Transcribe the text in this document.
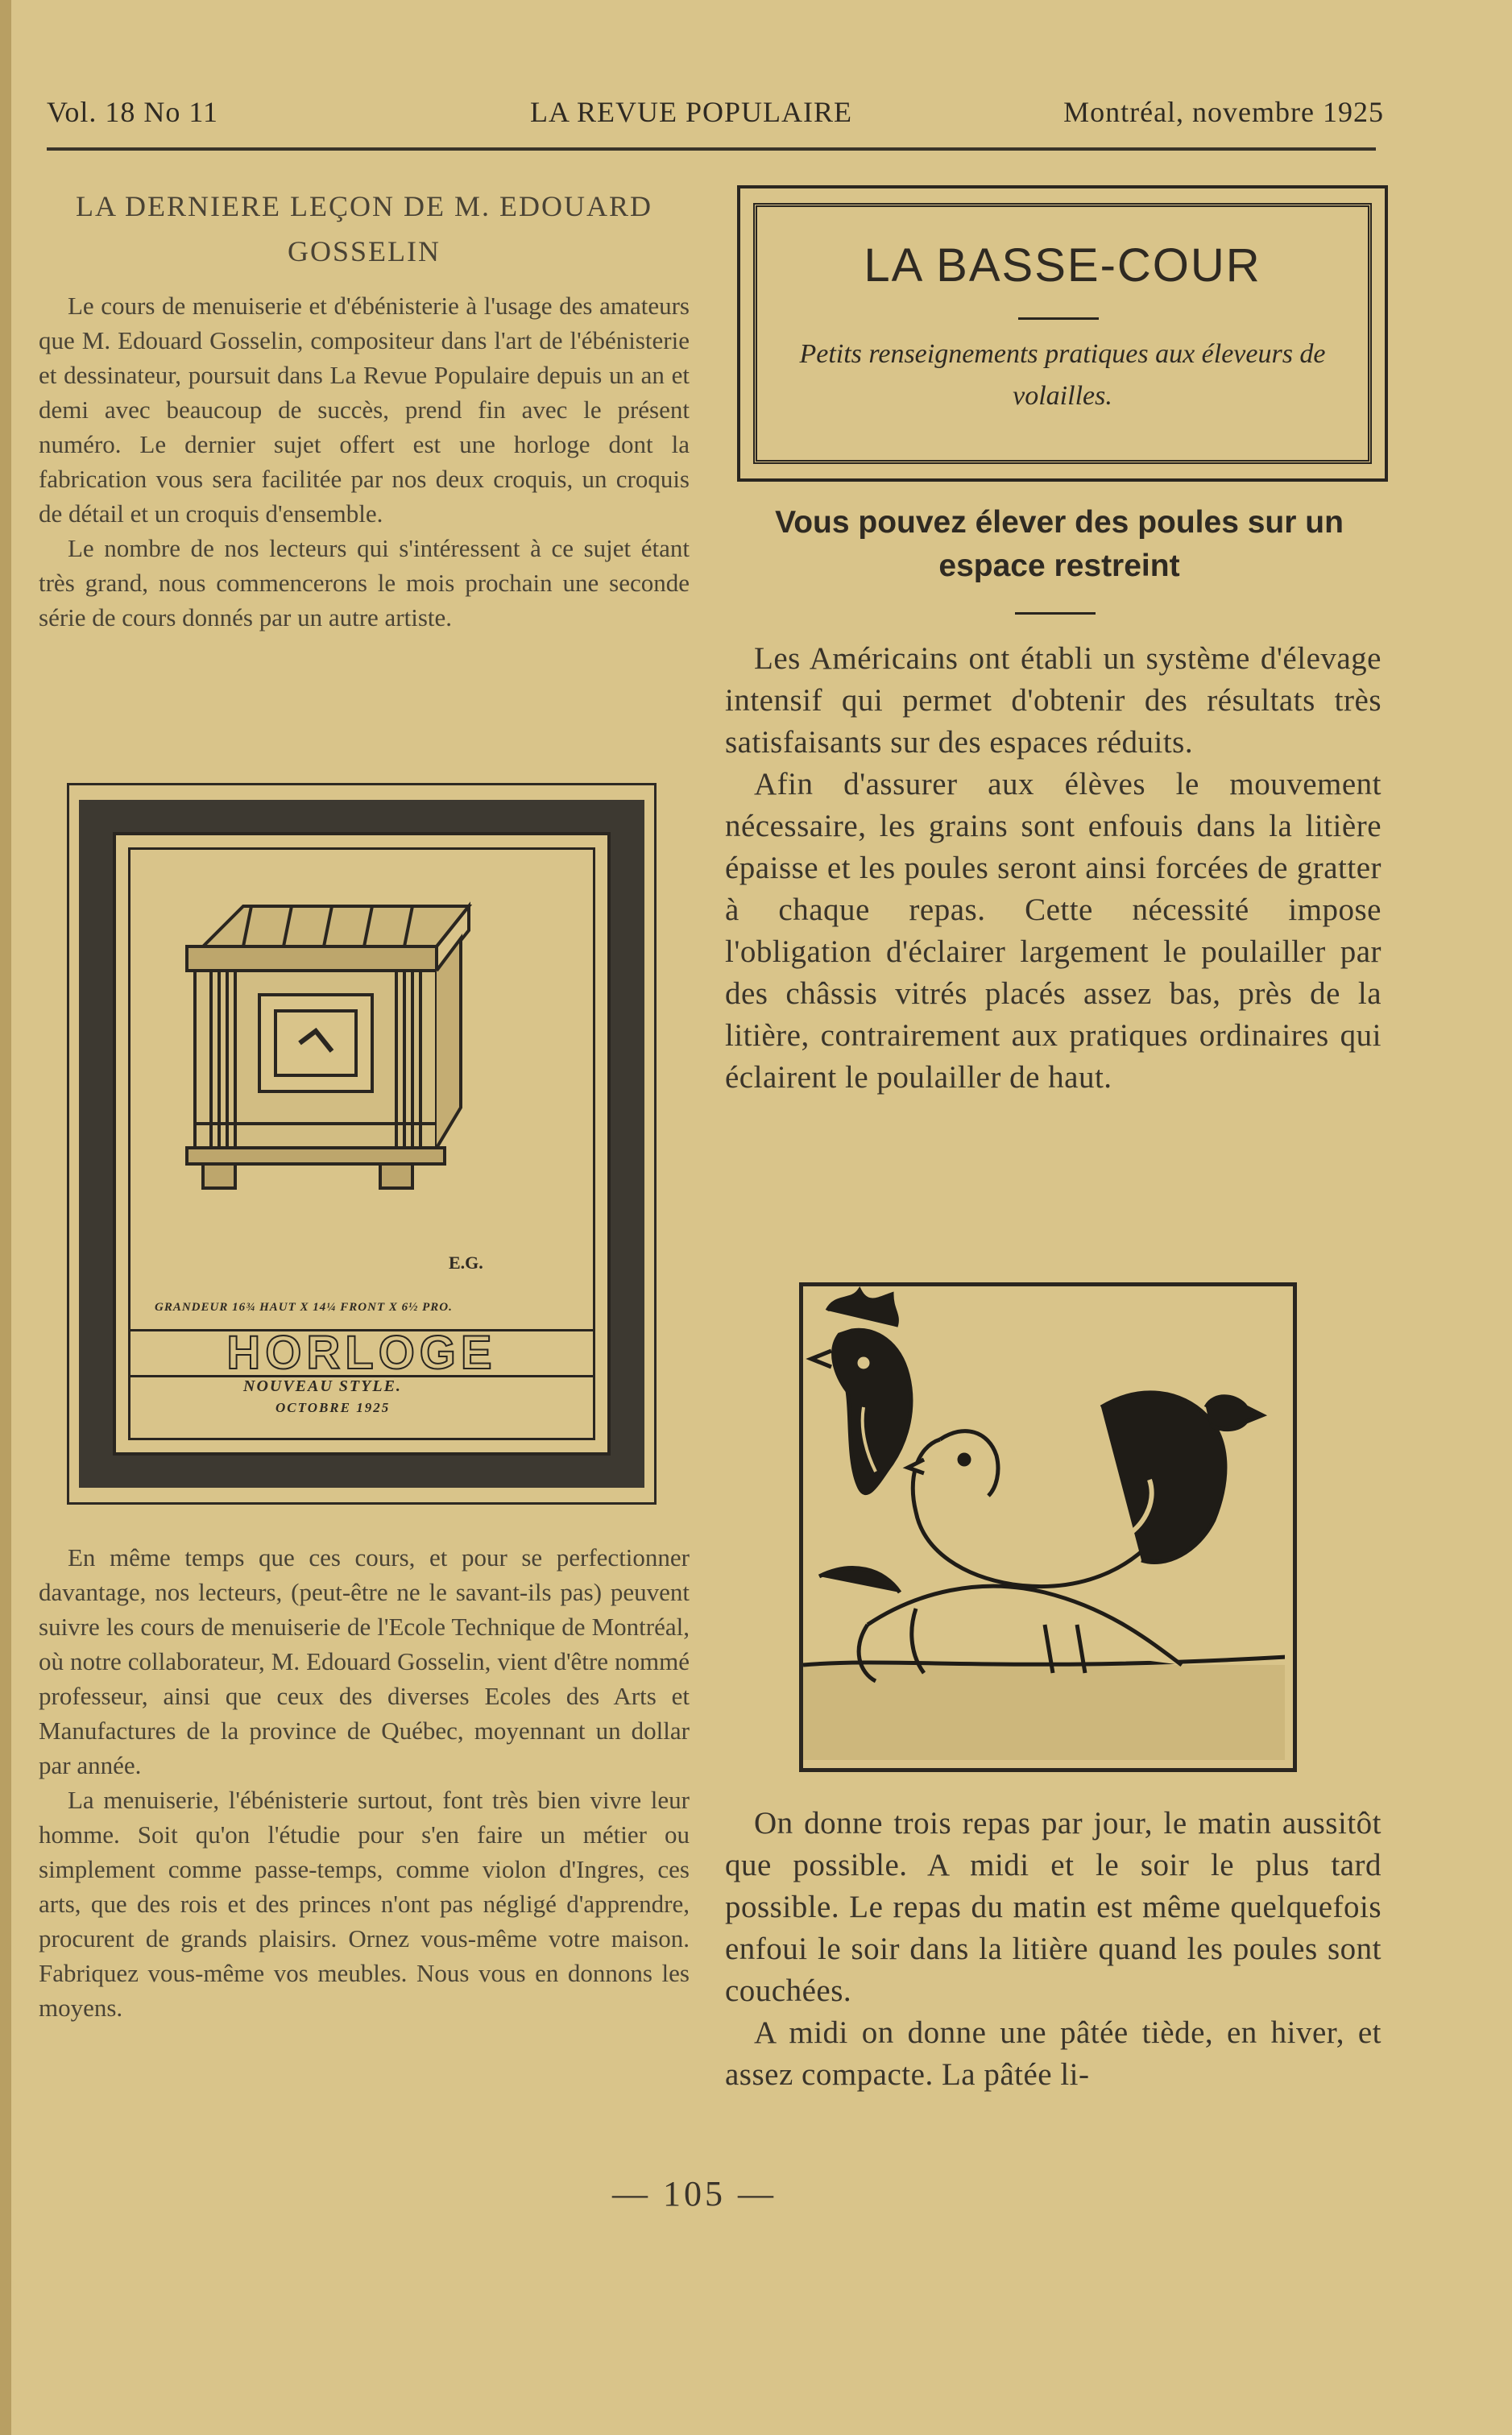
Vol. 18 No 11	LA REVUE POPULAIRE	Montréal, novembre 1925
LA DERNIERE LEÇON DE M. EDOUARD GOSSELIN

Le cours de menuiserie et d'ébénisterie à l'usage des amateurs que M. Edouard Gosselin, compositeur dans l'art de l'ébénisterie et dessinateur, poursuit dans La Revue Populaire depuis un an et demi avec beaucoup de succès, prend fin avec le présent numéro. Le dernier sujet offert est une horloge dont la fabrication vous sera facilitée par nos deux croquis, un croquis de détail et un croquis d'ensemble.

Le nombre de nos lecteurs qui s'intéressent à ce sujet étant très grand, nous commencerons le mois prochain une seconde série de cours donnés par un autre artiste.

E.G.
GRANDEUR 16¾ HAUT X 14¼ FRONT X 6½ PRO.
HORLOGE
NOUVEAU STYLE.
OCTOBRE 1925

En même temps que ces cours, et pour se perfectionner davantage, nos lecteurs, (peut-être ne le savant-ils pas) peuvent suivre les cours de menuiserie de l'Ecole Technique de Montréal, où notre collaborateur, M. Edouard Gosselin, vient d'être nommé professeur, ainsi que ceux des diverses Ecoles des Arts et Manufactures de la province de Québec, moyennant un dollar par année.

La menuiserie, l'ébénisterie surtout, font très bien vivre leur homme. Soit qu'on l'étudie pour s'en faire un métier ou simplement comme passe-temps, comme violon d'Ingres, ces arts, que des rois et des princes n'ont pas négligé d'apprendre, procurent de grands plaisirs. Ornez vous-même votre maison. Fabriquez vous-même vos meubles. Nous vous en donnons les moyens.

LA BASSE-COUR
Petits renseignements pratiques aux éleveurs de volailles.
Vous pouvez élever des poules sur un espace restreint

Les Américains ont établi un système d'élevage intensif qui permet d'obtenir des résultats très satisfaisants sur des espaces réduits.

Afin d'assurer aux élèves le mouvement nécessaire, les grains sont enfouis dans la litière épaisse et les poules seront ainsi forcées de gratter à chaque repas. Cette nécessité impose l'obligation d'éclairer largement le poulailler par des châssis vitrés placés assez bas, près de la litière, contrairement aux pratiques ordinaires qui éclairent le poulailler de haut.

On donne trois repas par jour, le matin aussitôt que possible. A midi et le soir le plus tard possible. Le repas du matin est même quelquefois enfoui le soir dans la litière quand les poules sont couchées.

A midi on donne une pâtée tiède, en hiver, et assez compacte. La pâtée li-

— 105 —
